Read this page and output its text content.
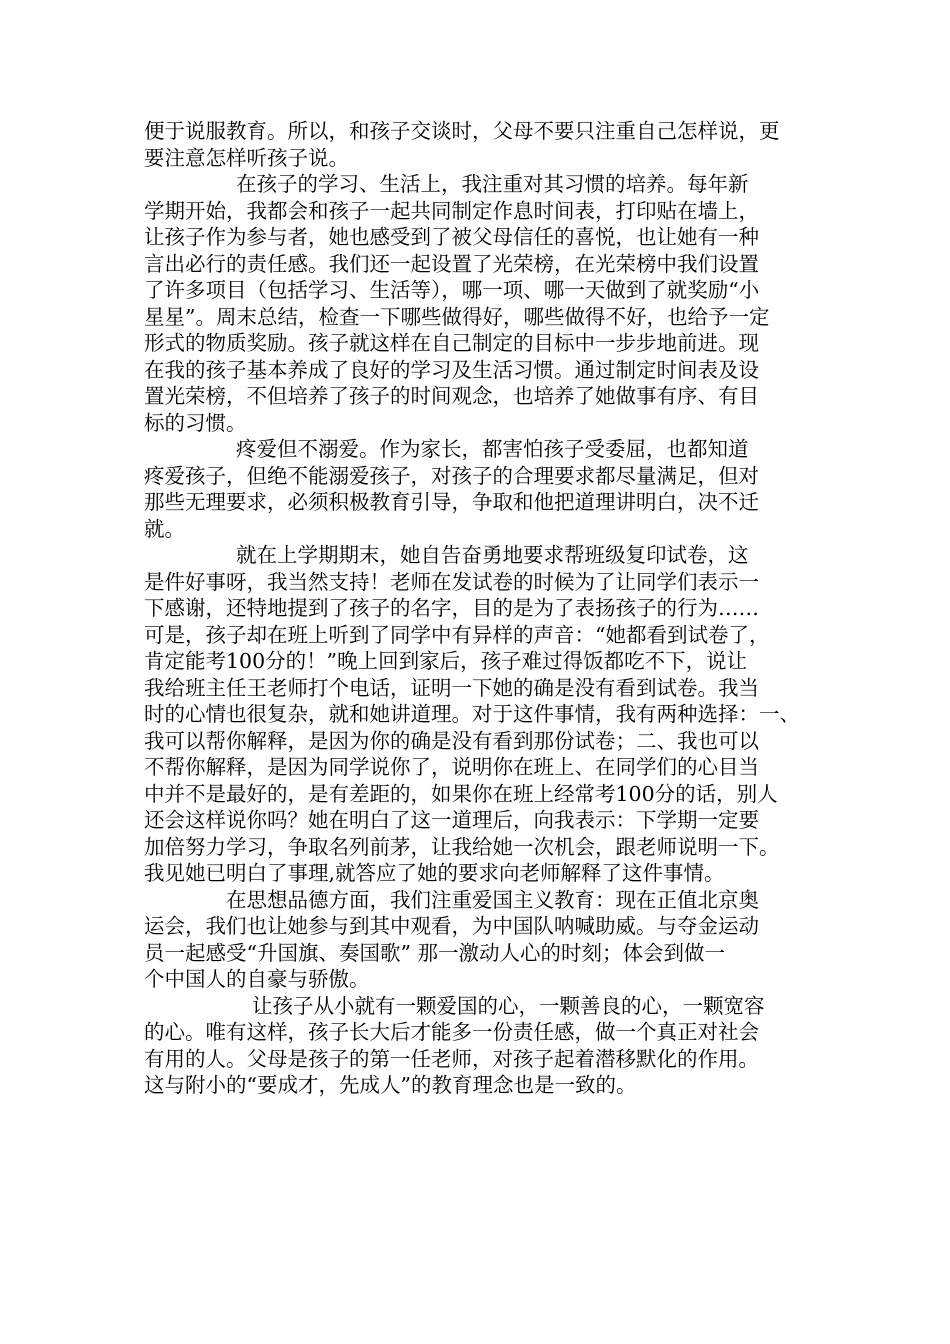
便于说服教育。所以，和孩子交谈时，父母不要只注重自己怎样说，更
要注意怎样听孩子说。
在孩子的学习、生活上，我注重对其习惯的培养。每年新
学期开始，我都会和孩子一起共同制定作息时间表，打印贴在墙上，
让孩子作为参与者，她也感受到了被父母信任的喜悦，也让她有一种
言出必行的责任感。我们还一起设置了光荣榜，在光荣榜中我们设置
了许多项目（包括学习、生活等），哪一项、哪一天做到了就奖励“小
星星”。周末总结，检查一下哪些做得好，哪些做得不好，也给予一定
形式的物质奖励。孩子就这样在自己制定的目标中一步步地前进。现
在我的孩子基本养成了良好的学习及生活习惯。通过制定时间表及设
置光荣榜，不但培养了孩子的时间观念，也培养了她做事有序、有目
标的习惯。
疼爱但不溺爱。作为家长，都害怕孩子受委屈，也都知道
疼爱孩子，但绝不能溺爱孩子，对孩子的合理要求都尽量满足，但对
那些无理要求，必须积极教育引导，争取和他把道理讲明白，决不迁
就。
就在上学期期末，她自告奋勇地要求帮班级复印试卷，这
是件好事呀，我当然支持！老师在发试卷的时候为了让同学们表示一
下感谢，还特地提到了孩子的名字，目的是为了表扬孩子的行为……
可是，孩子却在班上听到了同学中有异样的声音：“她都看到试卷了，
肯定能考100分的！”晚上回到家后，孩子难过得饭都吃不下，说让
我给班主任王老师打个电话，证明一下她的确是没有看到试卷。我当
时的心情也很复杂，就和她讲道理。对于这件事情，我有两种选择：一、
我可以帮你解释，是因为你的确是没有看到那份试卷；二、我也可以
不帮你解释，是因为同学说你了，说明你在班上、在同学们的心目当
中并不是最好的，是有差距的，如果你在班上经常考100分的话，别人
还会这样说你吗？她在明白了这一道理后，向我表示：下学期一定要
加倍努力学习，争取名列前茅，让我给她一次机会，跟老师说明一下。
我见她已明白了事理,就答应了她的要求向老师解释了这件事情。
在思想品德方面，我们注重爱国主义教育：现在正值北京奥
运会，我们也让她参与到其中观看，为中国队呐喊助威。与夺金运动
员一起感受“升国旗、奏国歌” 那一激动人心的时刻；体会到做一
个中国人的自豪与骄傲。
让孩子从小就有一颗爱国的心，一颗善良的心，一颗宽容
的心。唯有这样，孩子长大后才能多一份责任感，做一个真正对社会
有用的人。父母是孩子的第一任老师，对孩子起着潜移默化的作用。
这与附小的“要成才，先成人”的教育理念也是一致的。
